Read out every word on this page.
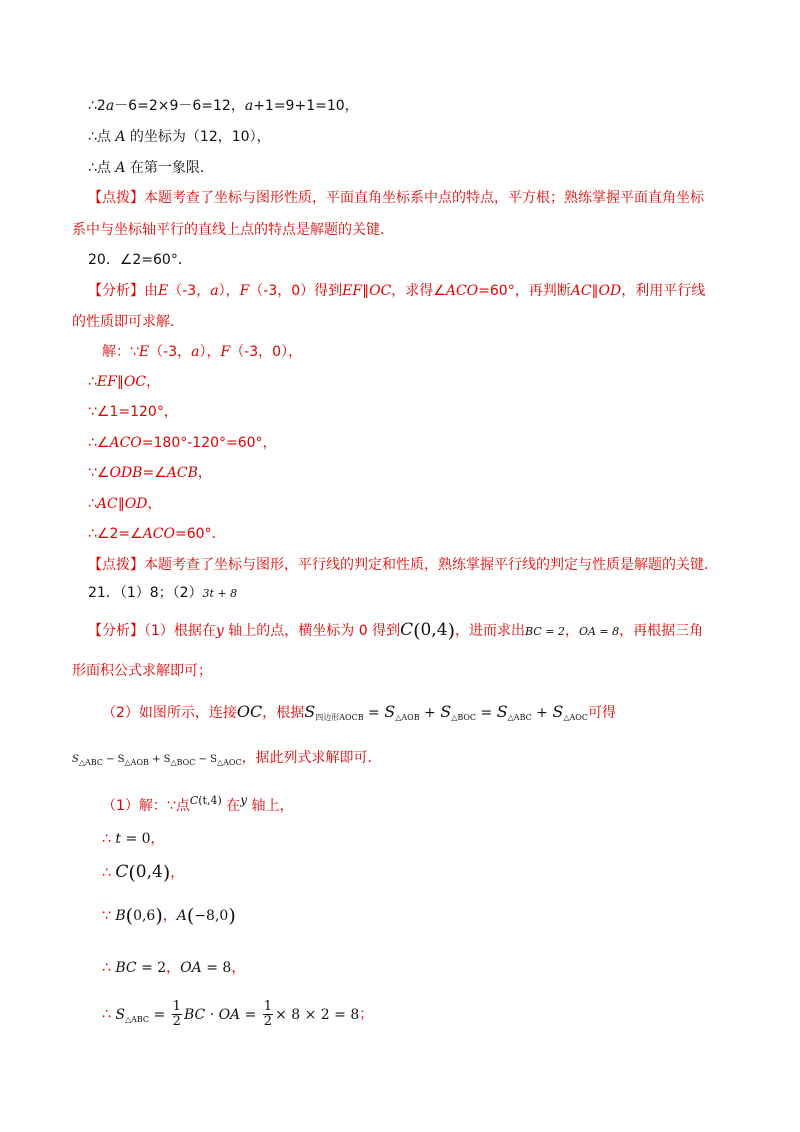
∴2a－6=2×9－6=12，a+1=9+1=10，
∴点 A 的坐标为（12，10），
∴点 A 在第一象限．
【点拨】本题考查了坐标与图形性质，平面直角坐标系中点的特点，平方根；熟练掌握平面直角坐标
系中与坐标轴平行的直线上点的特点是解题的关键．
20．∠2=60°．
【分析】由E（-3，a），F（-3，0）得到EF∥OC，求得∠ACO=60°，再判断AC∥OD，利用平行线
的性质即可求解．
解：∵E（-3，a），F（-3，0），
∴EF∥OC，
∵∠1=120°，
∴∠ACO=180°-120°=60°，
∵∠ODB=∠ACB，
∴AC∥OD，
∴∠2=∠ACO=60°．
【点拨】本题考查了坐标与图形，平行线的判定和性质，熟练掌握平行线的判定与性质是解题的关键．
21．（1）8；（2）3t + 8
【分析】（1）根据在y 轴上的点，横坐标为 0 得到C(0,4)，进而求出BC = 2，OA = 8，再根据三角
形面积公式求解即可；
（2）如图所示，连接OC，根据$S_{四边形AOCB} = S_{\triangle AOB} + S_{\triangle BOC} = S_{\triangle ABC} + S_{\triangle AOC}$可得
$S_{\triangle ABC} - S_{\triangle AOB} + S_{\triangle BOC} - S_{\triangle AOC}$，据此列式求解即可．
（1）解：∵点$^{C(t,4)}$ 在y 轴上，
∴ t = 0，
∴ C(0,4)，
∵ B(0,6)，A(−8,0)
∴ BC = 2，OA = 8，
∴ $S_{\triangle ABC} = \frac{1}{2}$ BC · OA = $\frac{1}{2} \times 8 \times 2 = 8$；
